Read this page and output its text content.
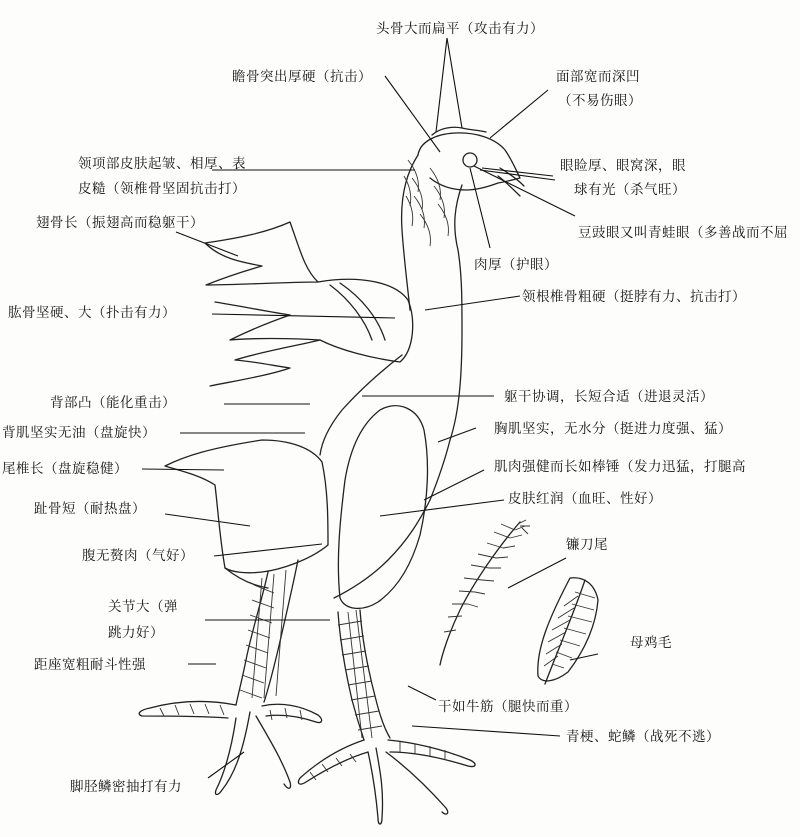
头骨大而扁平（攻击有力）
瞻骨突出厚硬（抗击）	面部宽而深凹
（不易伤眼）
领项部皮肤起皱、相厚、表
皮糙（领椎骨坚固抗击打）
眼睑厚、眼窝深，眼
球有光（杀气旺）
豆豉眼又叫青蛙眼（多善战而不屈
翅骨长（振翅高而稳躯干）
肉厚（护眼）
领根椎骨粗硬（挺脖有力、抗击打）
肱骨坚硬、大（扑击有力）
背部凸（能化重击）	躯干协调，长短合适（进退灵活）
背肌坚实无油（盘旋快）	胸肌坚实，无水分（挺进力度强、猛）
尾椎长（盘旋稳健）	肌肉强健而长如棒锤（发力迅猛，打腿高
趾骨短（耐热盘）
皮肤红润（血旺、性好）
腹无赘肉（气好）
镰刀尾
关节大（弹
跳力好）
母鸡毛
距座宽粗耐斗性强
干如牛筋（腿快而重）
青梗、蛇鳞（战死不逃）
脚胫鳞密抽打有力
